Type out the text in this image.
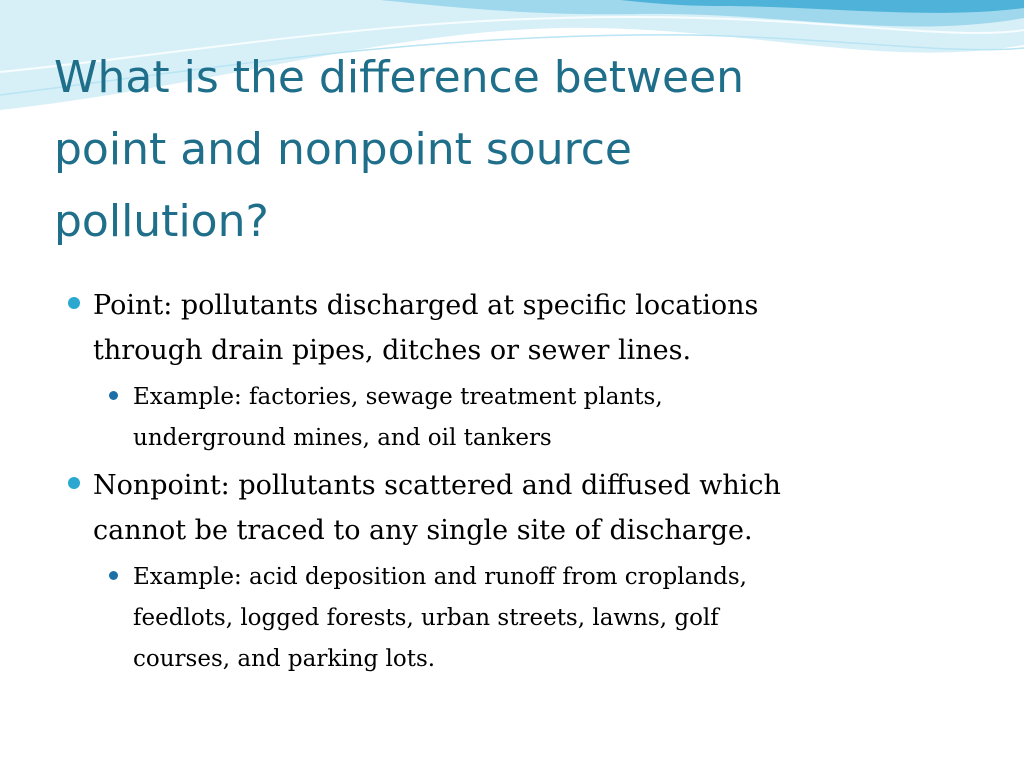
What is the difference between
point and nonpoint source
pollution?
Point: pollutants discharged at specific locations
through drain pipes, ditches or sewer lines.
Example: factories, sewage treatment plants,
underground mines, and oil tankers
Nonpoint: pollutants scattered and diffused which
cannot be traced to any single site of discharge.
Example: acid deposition and runoff from croplands,
feedlots, logged forests, urban streets, lawns, golf
courses, and parking lots.
